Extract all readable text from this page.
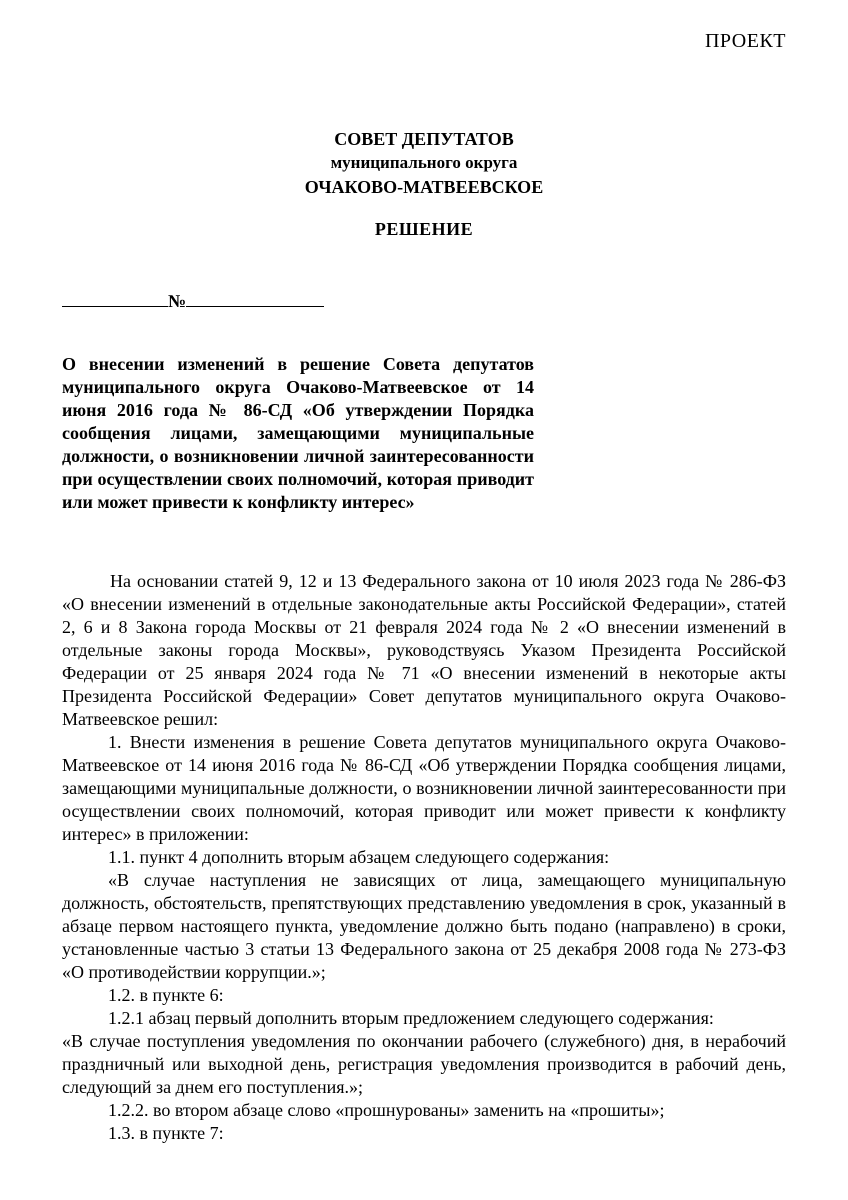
ПРОЕКТ
СОВЕТ ДЕПУТАТОВ
муниципального округа
ОЧАКОВО-МАТВЕЕВСКОЕ
РЕШЕНИЕ
№
О внесении изменений в решение Совета депутатов муниципального округа Очаково-Матвеевское от 14 июня 2016 года № 86-СД «Об утверждении Порядка сообщения лицами, замещающими муниципальные должности, о возникновении личной заинтересованности при осуществлении своих полномочий, которая приводит или может привести к конфликту интерес»

На основании статей 9, 12 и 13 Федерального закона от 10 июля 2023 года № 286-ФЗ «О внесении изменений в отдельные законодательные акты Российской Федерации», статей 2, 6 и 8 Закона города Москвы от 21 февраля 2024 года № 2 «О внесении изменений в отдельные законы города Москвы», руководствуясь Указом Президента Российской Федерации от 25 января 2024 года № 71 «О внесении изменений в некоторые акты Президента Российской Федерации» Совет депутатов муниципального округа Очаково-Матвеевское решил:

1. Внести изменения в решение Совета депутатов муниципального округа Очаково-Матвеевское от 14 июня 2016 года № 86-СД «Об утверждении Порядка сообщения лицами, замещающими муниципальные должности, о возникновении личной заинтересованности при осуществлении своих полномочий, которая приводит или может привести к конфликту интерес» в приложении:

1.1. пункт 4 дополнить вторым абзацем следующего содержания:

«В случае наступления не зависящих от лица, замещающего муниципальную должность, обстоятельств, препятствующих представлению уведомления в срок, указанный в абзаце первом настоящего пункта, уведомление должно быть подано (направлено) в сроки, установленные частью 3 статьи 13 Федерального закона от 25 декабря 2008 года № 273-ФЗ «О противодействии коррупции.»;

1.2. в пункте 6:

1.2.1 абзац первый дополнить вторым предложением следующего содержания:

«В случае поступления уведомления по окончании рабочего (служебного) дня, в нерабочий праздничный или выходной день, регистрация уведомления производится в рабочий день, следующий за днем его поступления.»;

1.2.2. во втором абзаце слово «прошнурованы» заменить на «прошиты»;

1.3. в пункте 7:
